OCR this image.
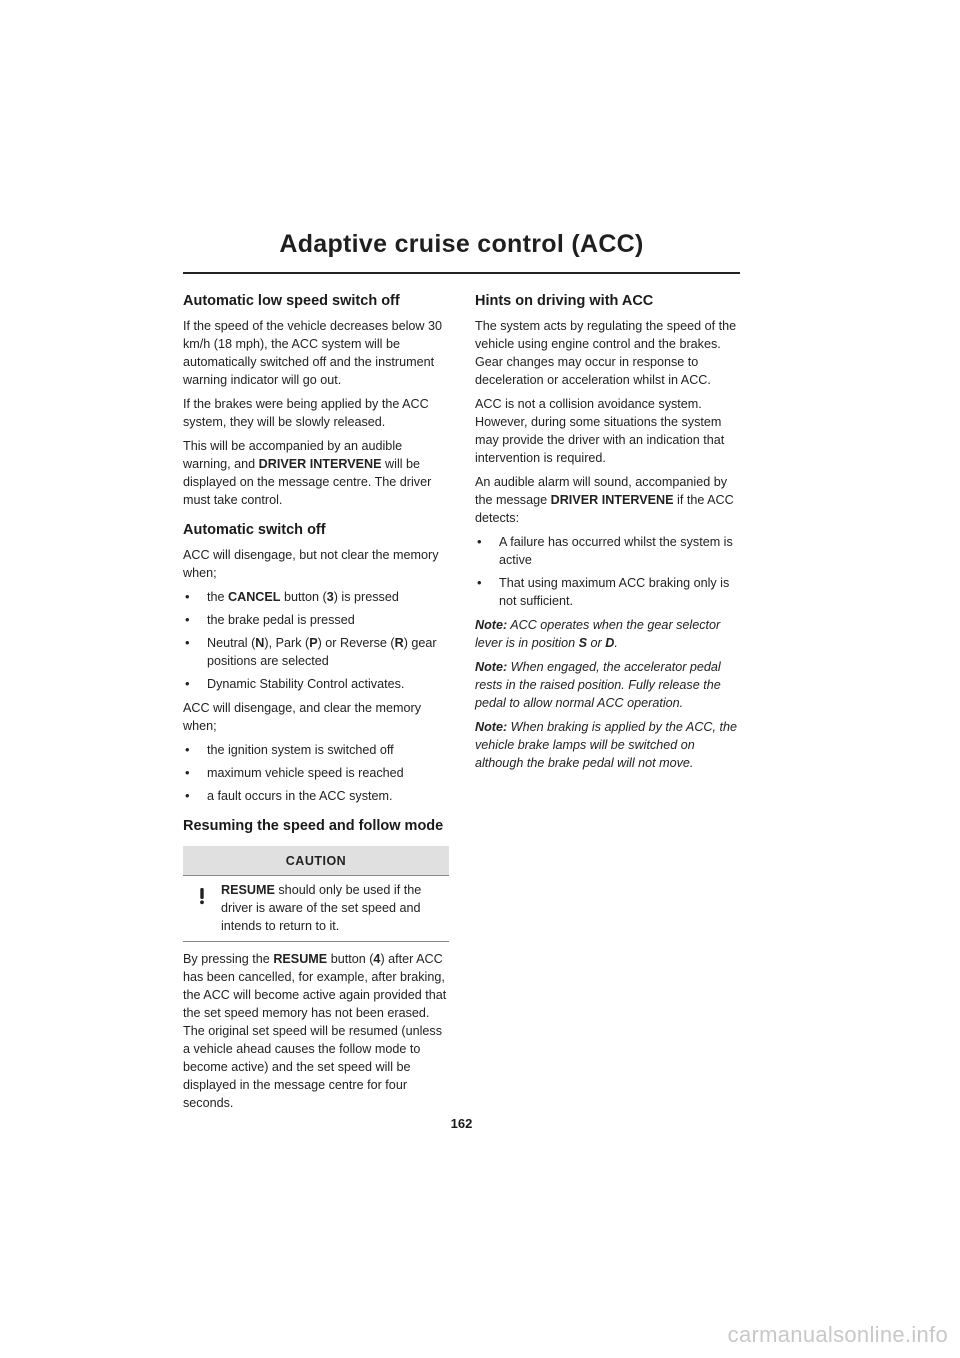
Adaptive cruise control (ACC)
Automatic low speed switch off

If the speed of the vehicle decreases below 30 km/h (18 mph), the ACC system will be automatically switched off and the instrument warning indicator will go out.

If the brakes were being applied by the ACC system, they will be slowly released.

This will be accompanied by an audible warning, and DRIVER INTERVENE will be displayed on the message centre. The driver must take control.

Automatic switch off

ACC will disengage, but not clear the memory when;

• the CANCEL button (3) is pressed
• the brake pedal is pressed
• Neutral (N), Park (P) or Reverse (R) gear positions are selected
• Dynamic Stability Control activates.

ACC will disengage, and clear the memory when;

• the ignition system is switched off
• maximum vehicle speed is reached
• a fault occurs in the ACC system.
Resuming the speed and follow mode
CAUTION
RESUME should only be used if the driver is aware of the set speed and intends to return to it.

By pressing the RESUME button (4) after ACC has been cancelled, for example, after braking, the ACC will become active again provided that the set speed memory has not been erased. The original set speed will be resumed (unless a vehicle ahead causes the follow mode to become active) and the set speed will be displayed in the message centre for four seconds.

Hints on driving with ACC

The system acts by regulating the speed of the vehicle using engine control and the brakes. Gear changes may occur in response to deceleration or acceleration whilst in ACC.

ACC is not a collision avoidance system. However, during some situations the system may provide the driver with an indication that intervention is required.

An audible alarm will sound, accompanied by the message DRIVER INTERVENE if the ACC detects:

• A failure has occurred whilst the system is active
• That using maximum ACC braking only is not sufficient.

Note: ACC operates when the gear selector lever is in position S or D.

Note: When engaged, the accelerator pedal rests in the raised position. Fully release the pedal to allow normal ACC operation.

Note: When braking is applied by the ACC, the vehicle brake lamps will be switched on although the brake pedal will not move.

162
carmanualsonline.info
